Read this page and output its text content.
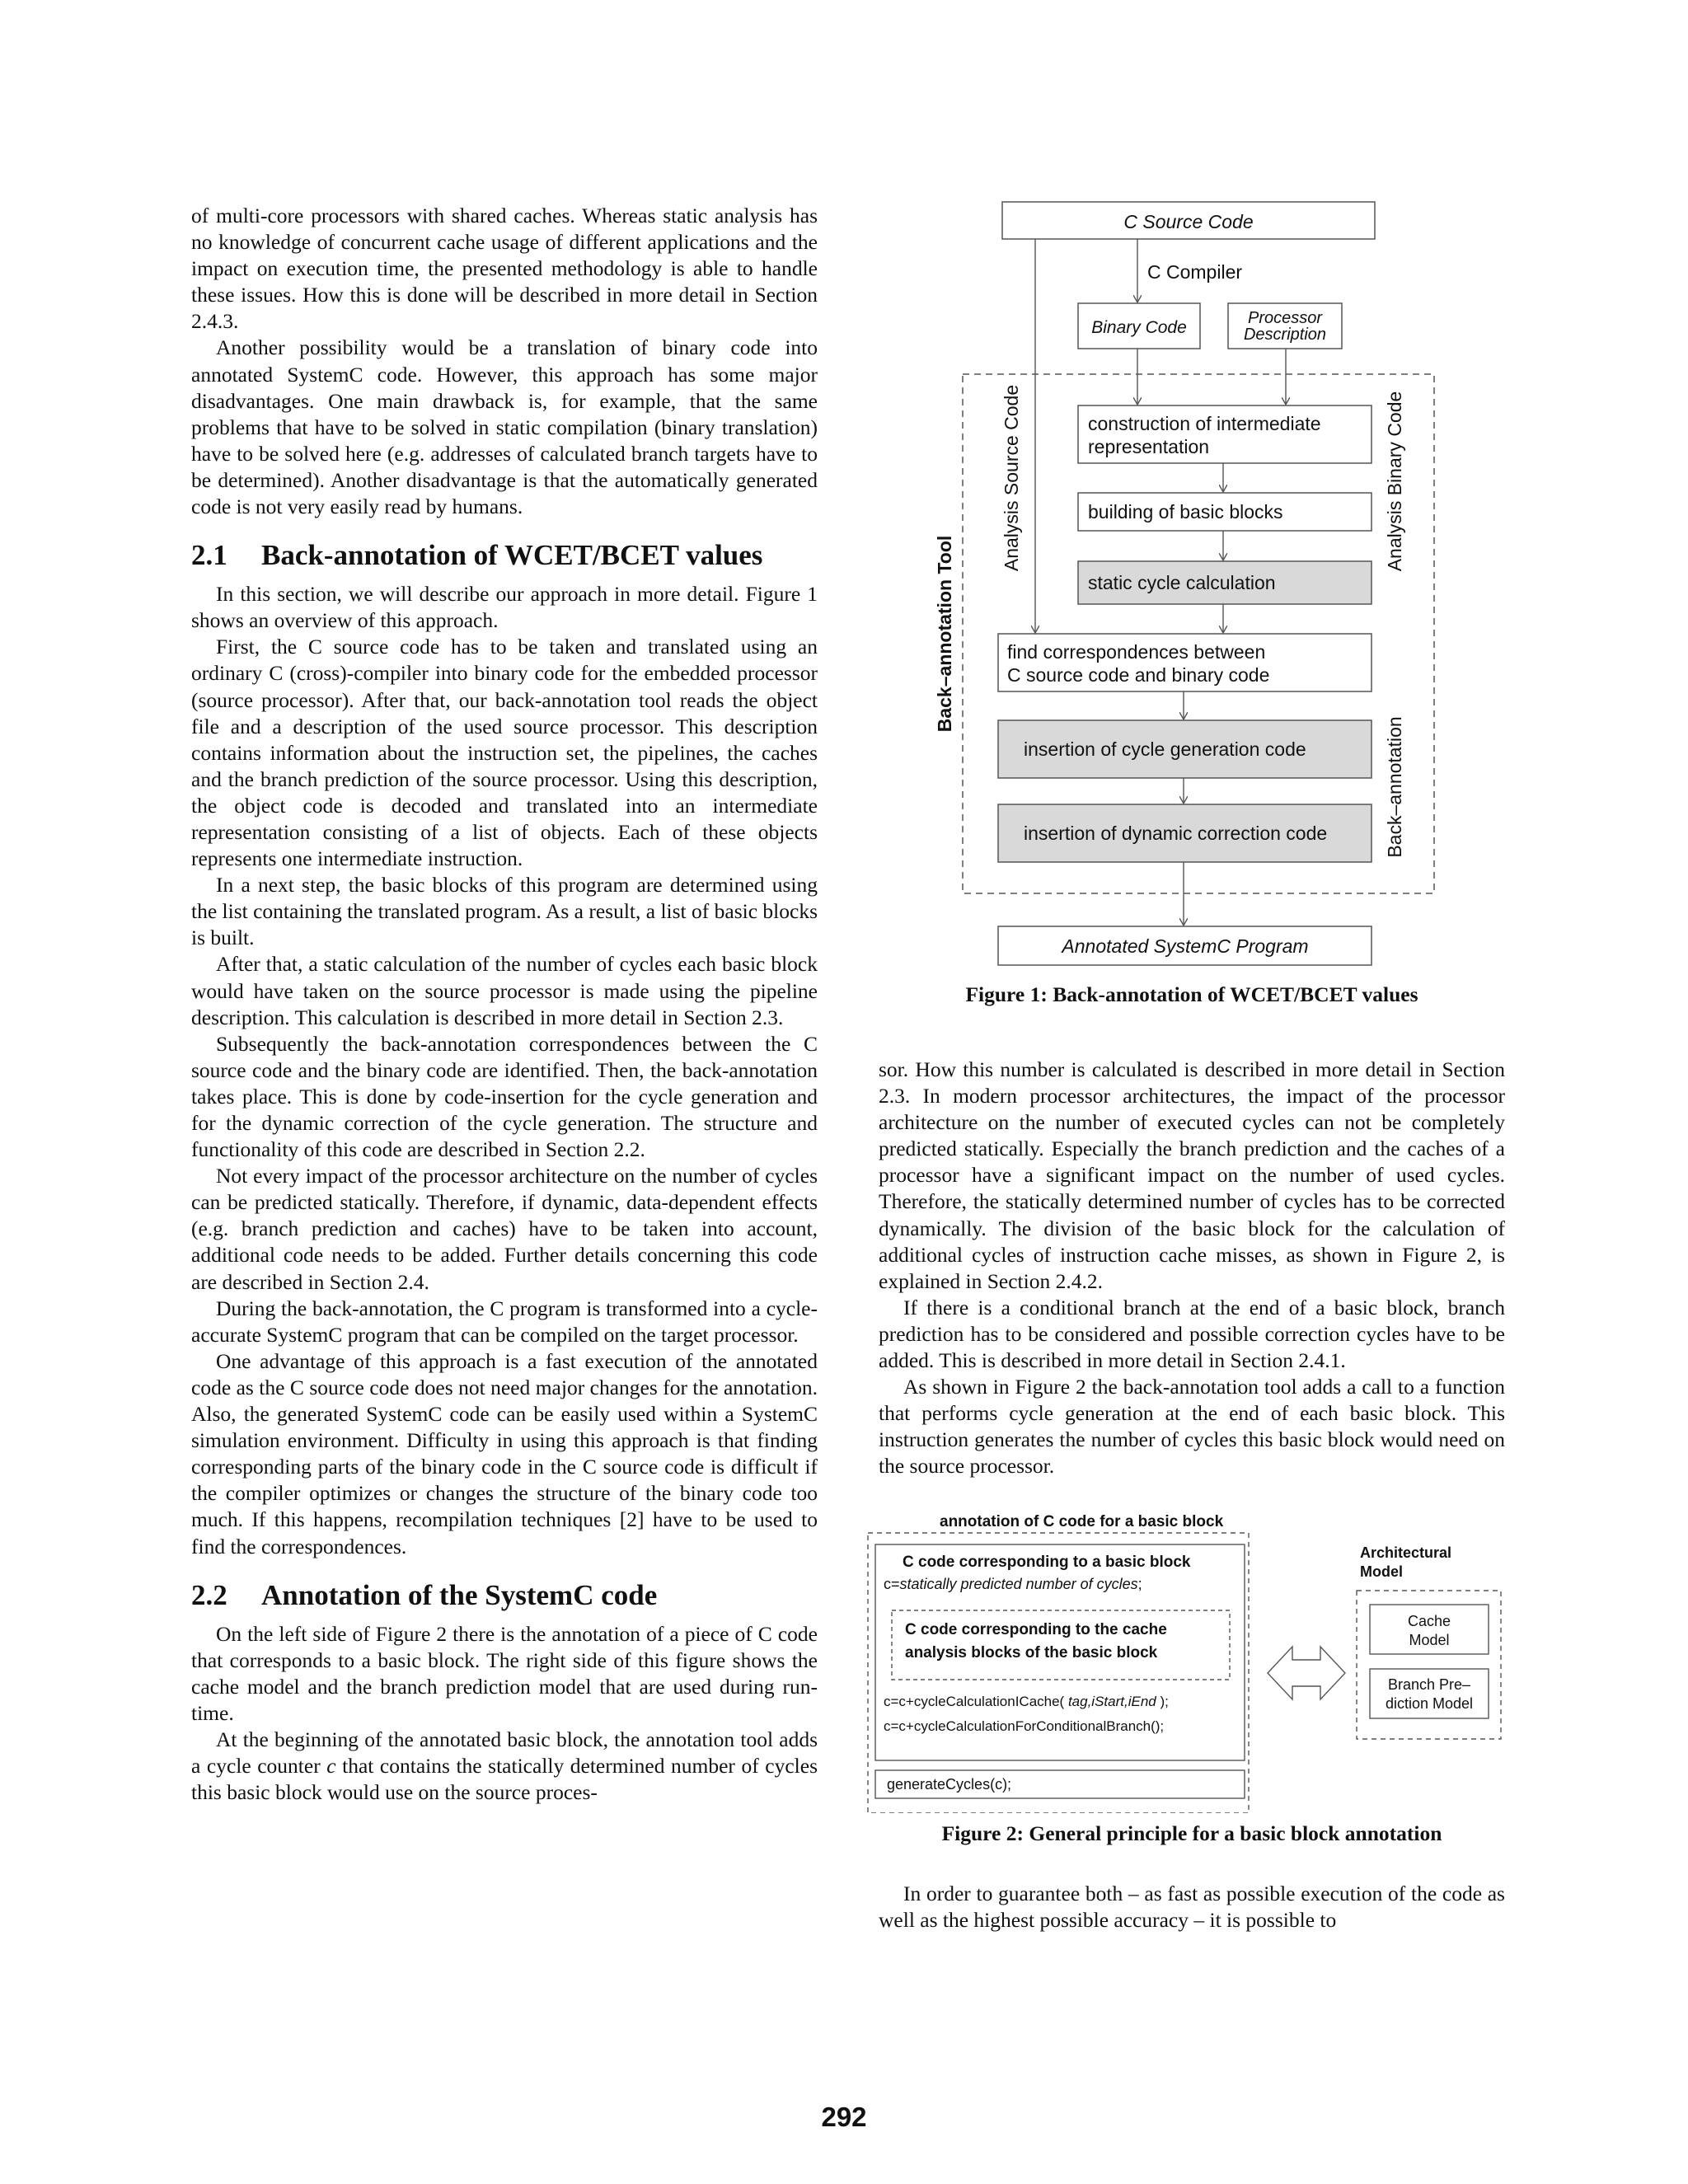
of multi-core processors with shared caches. Whereas static analysis has no knowledge of concurrent cache usage of different applications and the impact on execution time, the presented methodology is able to handle these issues. How this is done will be described in more detail in Section 2.4.3.

Another possibility would be a translation of binary code into annotated SystemC code. However, this approach has some major disadvantages. One main drawback is, for example, that the same problems that have to be solved in static compilation (binary translation) have to be solved here (e.g. addresses of calculated branch targets have to be determined). Another disadvantage is that the automatically generated code is not very easily read by humans.

2.1 Back-annotation of WCET/BCET values

In this section, we will describe our approach in more detail. Figure 1 shows an overview of this approach.

First, the C source code has to be taken and translated using an ordinary C (cross)-compiler into binary code for the embedded processor (source processor). After that, our back-annotation tool reads the object file and a description of the used source processor. This description contains information about the instruction set, the pipelines, the caches and the branch prediction of the source processor. Using this description, the object code is decoded and translated into an intermediate representation consisting of a list of objects. Each of these objects represents one intermediate instruction.

In a next step, the basic blocks of this program are determined using the list containing the translated program. As a result, a list of basic blocks is built.

After that, a static calculation of the number of cycles each basic block would have taken on the source processor is made using the pipeline description. This calculation is described in more detail in Section 2.3.

Subsequently the back-annotation correspondences between the C source code and the binary code are identified. Then, the back-annotation takes place. This is done by code-insertion for the cycle generation and for the dynamic correction of the cycle generation. The structure and functionality of this code are described in Section 2.2.

Not every impact of the processor architecture on the number of cycles can be predicted statically. Therefore, if dynamic, data-dependent effects (e.g. branch prediction and caches) have to be taken into account, additional code needs to be added. Further details concerning this code are described in Section 2.4.

During the back-annotation, the C program is transformed into a cycle-accurate SystemC program that can be compiled on the target processor.

One advantage of this approach is a fast execution of the annotated code as the C source code does not need major changes for the annotation. Also, the generated SystemC code can be easily used within a SystemC simulation environment. Difficulty in using this approach is that finding corresponding parts of the binary code in the C source code is difficult if the compiler optimizes or changes the structure of the binary code too much. If this happens, recompilation techniques [2] have to be used to find the correspondences.

2.2 Annotation of the SystemC code

On the left side of Figure 2 there is the annotation of a piece of C code that corresponds to a basic block. The right side of this figure shows the cache model and the branch prediction model that are used during run-time.

At the beginning of the annotated basic block, the annotation tool adds a cycle counter c that contains the statically determined number of cycles this basic block would use on the source proces-

C Source Code
C Compiler
Binary Code	Processor
Description
construction of intermediate
representation
building of basic blocks
static cycle calculation
find correspondences between
C source code and binary code
insertion of cycle generation code
insertion of dynamic correction code
Annotated SystemC Program
Back–annotation Tool
Analysis Source Code	Analysis Binary Code
Back–annotation
Figure 1: Back-annotation of WCET/BCET values

sor. How this number is calculated is described in more detail in Section 2.3. In modern processor architectures, the impact of the processor architecture on the number of executed cycles can not be completely predicted statically. Especially the branch prediction and the caches of a processor have a significant impact on the number of used cycles. Therefore, the statically determined number of cycles has to be corrected dynamically. The division of the basic block for the calculation of additional cycles of instruction cache misses, as shown in Figure 2, is explained in Section 2.4.2.

If there is a conditional branch at the end of a basic block, branch prediction has to be considered and possible correction cycles have to be added. This is described in more detail in Section 2.4.1.

As shown in Figure 2 the back-annotation tool adds a call to a function that performs cycle generation at the end of each basic block. This instruction generates the number of cycles this basic block would need on the source processor.

annotation of C code for a basic block
C code corresponding to a basic block
c=statically predicted number of cycles;
C code corresponding to the cache
analysis blocks of the basic block
c=c+cycleCalculationICache( tag,iStart,iEnd );
c=c+cycleCalculationForConditionalBranch();
generateCycles(c);
Architectural
Model
Cache
Model
Branch Pre–
diction Model
Figure 2: General principle for a basic block annotation

In order to guarantee both – as fast as possible execution of the code as well as the highest possible accuracy – it is possible to

292
